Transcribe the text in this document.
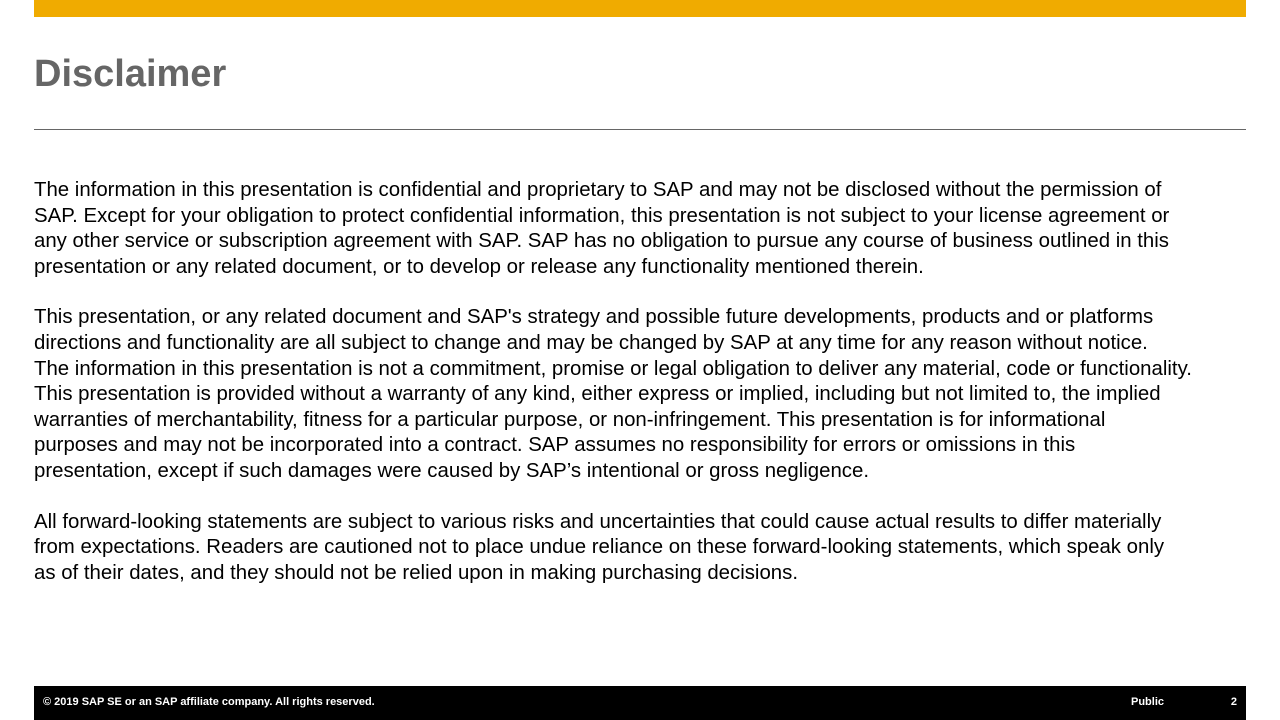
Disclaimer

The information in this presentation is confidential and proprietary to SAP and may not be disclosed without the permission of
SAP. Except for your obligation to protect confidential information, this presentation is not subject to your license agreement or
any other service or subscription agreement with SAP. SAP has no obligation to pursue any course of business outlined in this
presentation or any related document, or to develop or release any functionality mentioned therein.

This presentation, or any related document and SAP's strategy and possible future developments, products and or platforms
directions and functionality are all subject to change and may be changed by SAP at any time for any reason without notice.
The information in this presentation is not a commitment, promise or legal obligation to deliver any material, code or functionality.
This presentation is provided without a warranty of any kind, either express or implied, including but not limited to, the implied
warranties of merchantability, fitness for a particular purpose, or non-infringement. This presentation is for informational
purposes and may not be incorporated into a contract. SAP assumes no responsibility for errors or omissions in this
presentation, except if such damages were caused by SAP’s intentional or gross negligence.

All forward-looking statements are subject to various risks and uncertainties that could cause actual results to differ materially
from expectations. Readers are cautioned not to place undue reliance on these forward-looking statements, which speak only
as of their dates, and they should not be relied upon in making purchasing decisions.

© 2019 SAP SE or an SAP affiliate company. All rights reserved.	Public	2
